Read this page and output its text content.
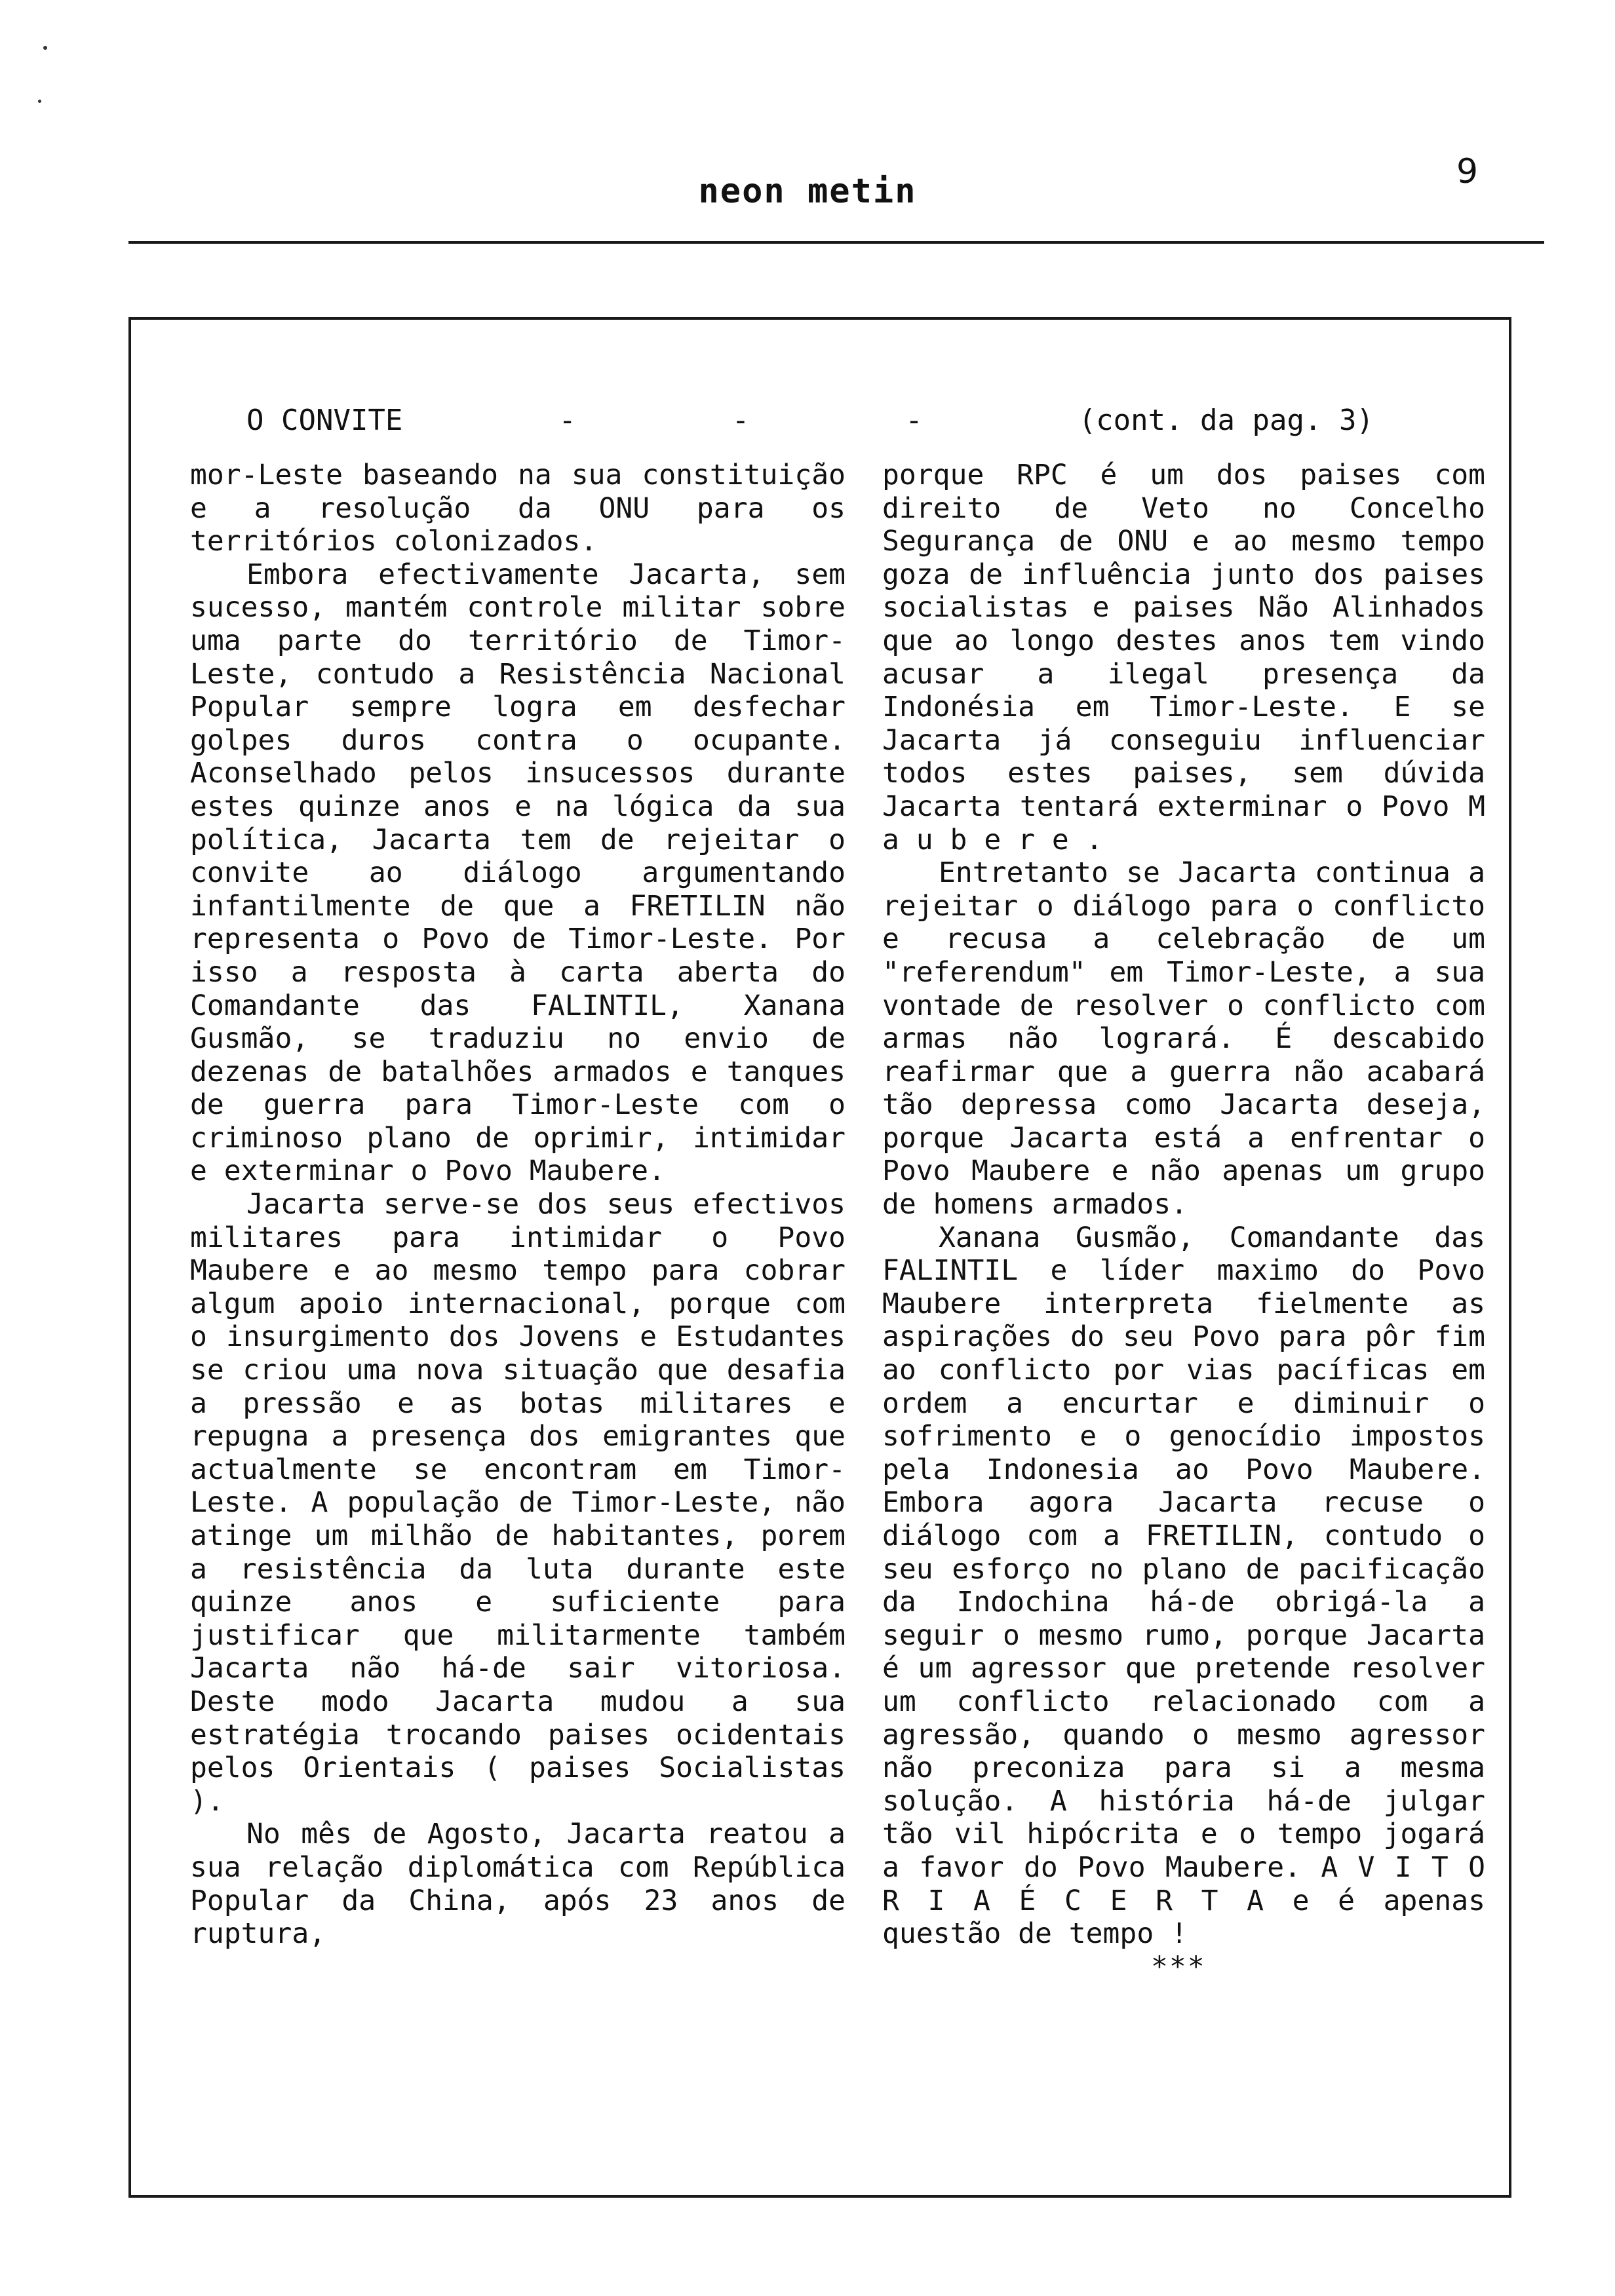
neon metin	9
O CONVITE	-	-	-	(cont. da pag. 3)

mor-Leste baseando na sua constituição e a resolução da ONU para os territórios colonizados.

Embora efectivamente Jacarta, sem sucesso, mantém controle militar sobre uma parte do território de Timor-Leste, contudo a Resistência Nacional Popular sempre logra em desfechar golpes duros contra o ocupante. Aconselhado pelos insucessos durante estes quinze anos e na lógica da sua política, Jacarta tem de rejeitar o convite ao diálogo argumentando infantilmente de que a FRETILIN não representa o Povo de Timor-Leste. Por isso a resposta à carta aberta do Comandante das FALINTIL, Xanana Gusmão, se traduziu no envio de dezenas de batalhões armados e tanques de guerra para Timor-Leste com o criminoso plano de oprimir, intimidar e exterminar o Povo Maubere.

Jacarta serve-se dos seus efectivos militares para intimidar o Povo Maubere e ao mesmo tempo para cobrar algum apoio internacional, porque com o insurgimento dos Jovens e Estudantes se criou uma nova situação que desafia a pressão e as botas militares e repugna a presença dos emigrantes que actualmente se encontram em Timor-Leste. A população de Timor-Leste, não atinge um milhão de habitantes, porem a resistência da luta durante este quinze anos e suficiente para justificar que militarmente também Jacarta não há-de sair vitoriosa. Deste modo Jacarta mudou a sua estratégia trocando paises ocidentais pelos Orientais ( paises Socialistas ).

No mês de Agosto, Jacarta reatou a sua relação diplomática com República Popular da China, após 23 anos de ruptura,

porque RPC é um dos paises com direito de Veto no Concelho Segurança de ONU e ao mesmo tempo goza de influência junto dos paises socialistas e paises Não Alinhados que ao longo destes anos tem vindo acusar a ilegal presença da Indonésia em Timor-Leste. E se Jacarta já conseguiu influenciar todos estes paises, sem dúvida Jacarta tentará exterminar o Povo M a u b e r e .

Entretanto se Jacarta continua a rejeitar o diálogo para o conflicto e recusa a celebração de um "referendum" em Timor-Leste, a sua vontade de resolver o conflicto com armas não logrará. É descabido reafirmar que a guerra não acabará tão depressa como Jacarta deseja, porque Jacarta está a enfrentar o Povo Maubere e não apenas um grupo de homens armados.

Xanana Gusmão, Comandante das FALINTIL e líder maximo do Povo Maubere interpreta fielmente as aspirações do seu Povo para pôr fim ao conflicto por vias pacíficas em ordem a encurtar e diminuir o sofrimento e o genocídio impostos pela Indonesia ao Povo Maubere. Embora agora Jacarta recuse o diálogo com a FRETILIN, contudo o seu esforço no plano de pacificação da Indochina há-de obrigá-la a seguir o mesmo rumo, porque Jacarta é um agressor que pretende resolver um conflicto relacionado com a agressão, quando o mesmo agressor não preconiza para si a mesma solução. A história há-de julgar tão vil hipócrita e o tempo jogará a favor do Povo Maubere. A V I T O R I A É C E R T A e é apenas questão de tempo !

***
